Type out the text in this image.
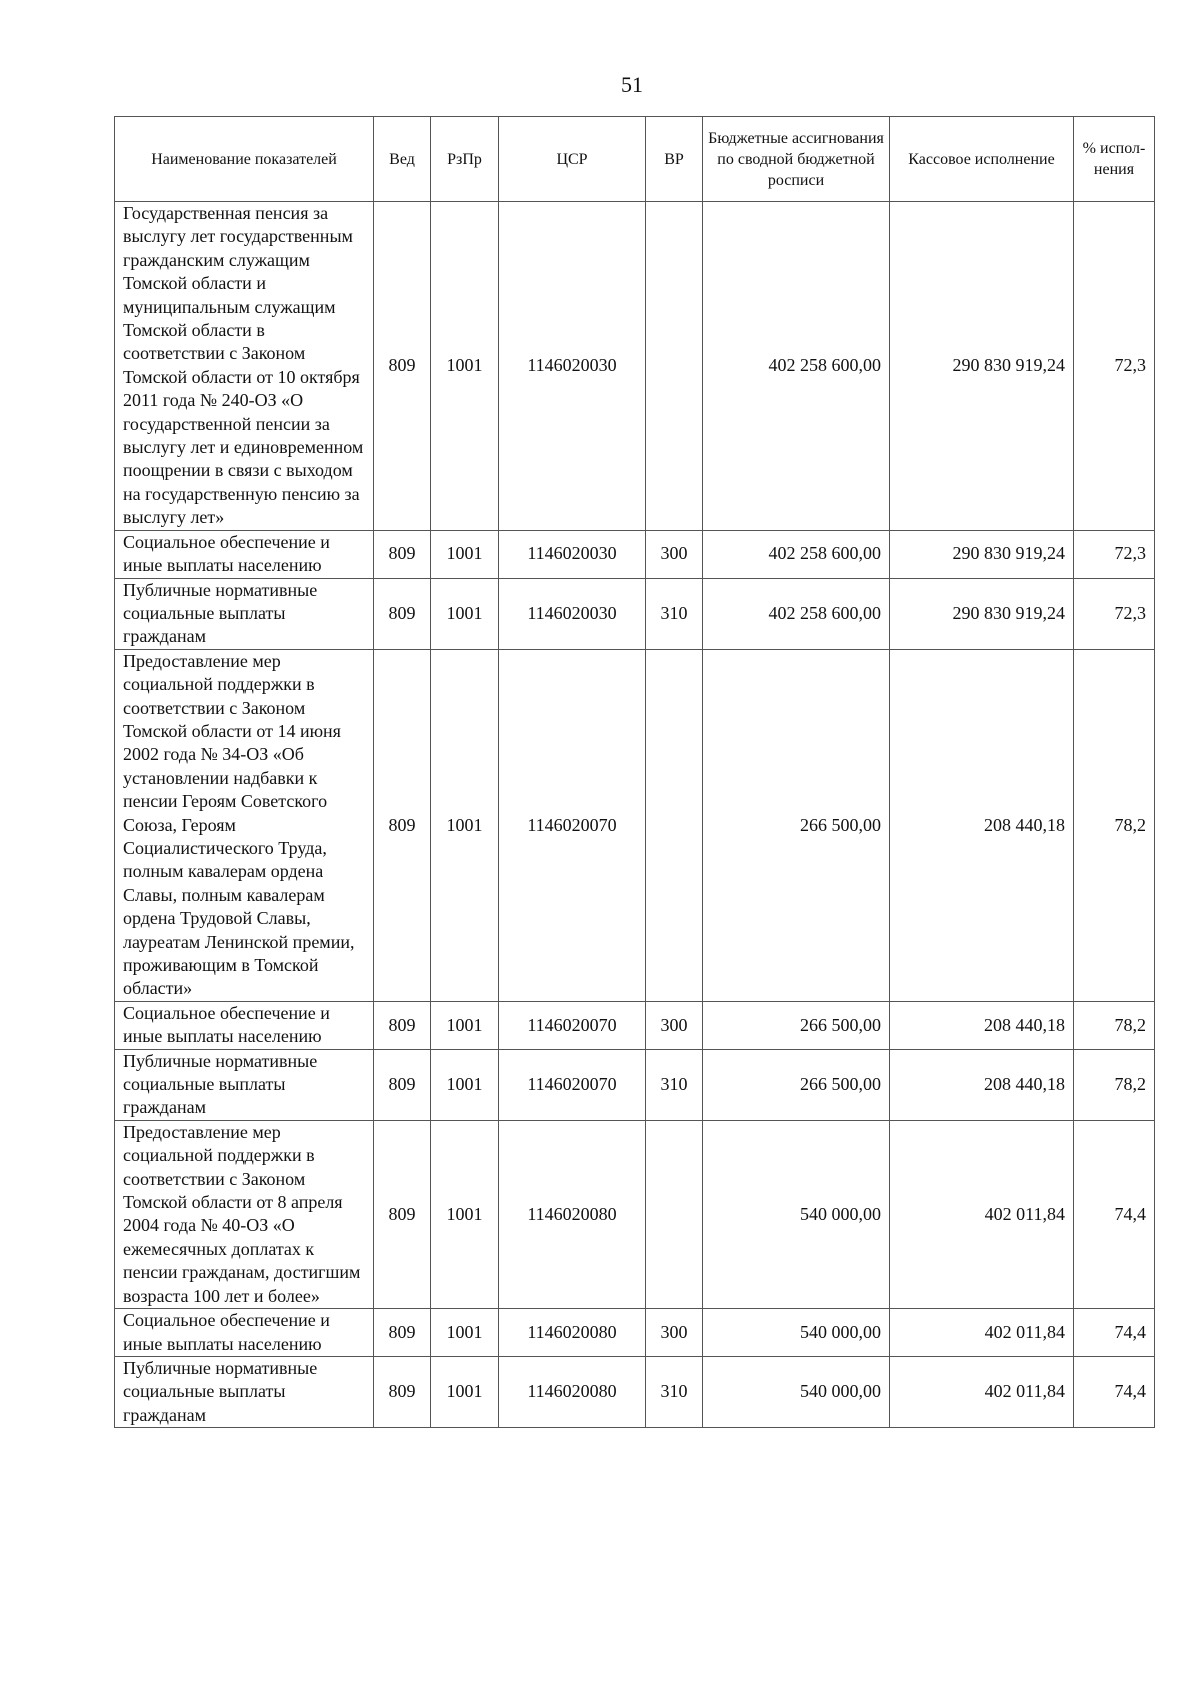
51
Наименование показателей	Вед	РзПр	ЦСР	ВР	Бюджетные ассигнования по сводной бюджетной росписи	Кассовое исполнение	% испол-нения
Государственная пенсия за выслугу лет государственным гражданским служащим Томской области и муниципальным служащим Томской области в соответствии с Законом Томской области от 10 октября 2011 года № 240-ОЗ «О государственной пенсии за выслугу лет и единовременном поощрении в связи с выходом на государственную пенсию за выслугу лет»	809	1001	1146020030		402 258 600,00	290 830 919,24	72,3
Социальное обеспечение и иные выплаты населению	809	1001	1146020030	300	402 258 600,00	290 830 919,24	72,3
Публичные нормативные социальные выплаты гражданам	809	1001	1146020030	310	402 258 600,00	290 830 919,24	72,3
Предоставление мер социальной поддержки в соответствии с Законом Томской области от 14 июня 2002 года № 34-ОЗ «Об установлении надбавки к пенсии Героям Советского Союза, Героям Социалистического Труда, полным кавалерам ордена Славы, полным кавалерам ордена Трудовой Славы, лауреатам Ленинской премии, проживающим в Томской области»	809	1001	1146020070		266 500,00	208 440,18	78,2
Социальное обеспечение и иные выплаты населению	809	1001	1146020070	300	266 500,00	208 440,18	78,2
Публичные нормативные социальные выплаты гражданам	809	1001	1146020070	310	266 500,00	208 440,18	78,2
Предоставление мер социальной поддержки в соответствии с Законом Томской области от 8 апреля 2004 года № 40-ОЗ «О ежемесячных доплатах к пенсии гражданам, достигшим возраста 100 лет и более»	809	1001	1146020080		540 000,00	402 011,84	74,4
Социальное обеспечение и иные выплаты населению	809	1001	1146020080	300	540 000,00	402 011,84	74,4
Публичные нормативные социальные выплаты гражданам	809	1001	1146020080	310	540 000,00	402 011,84	74,4
